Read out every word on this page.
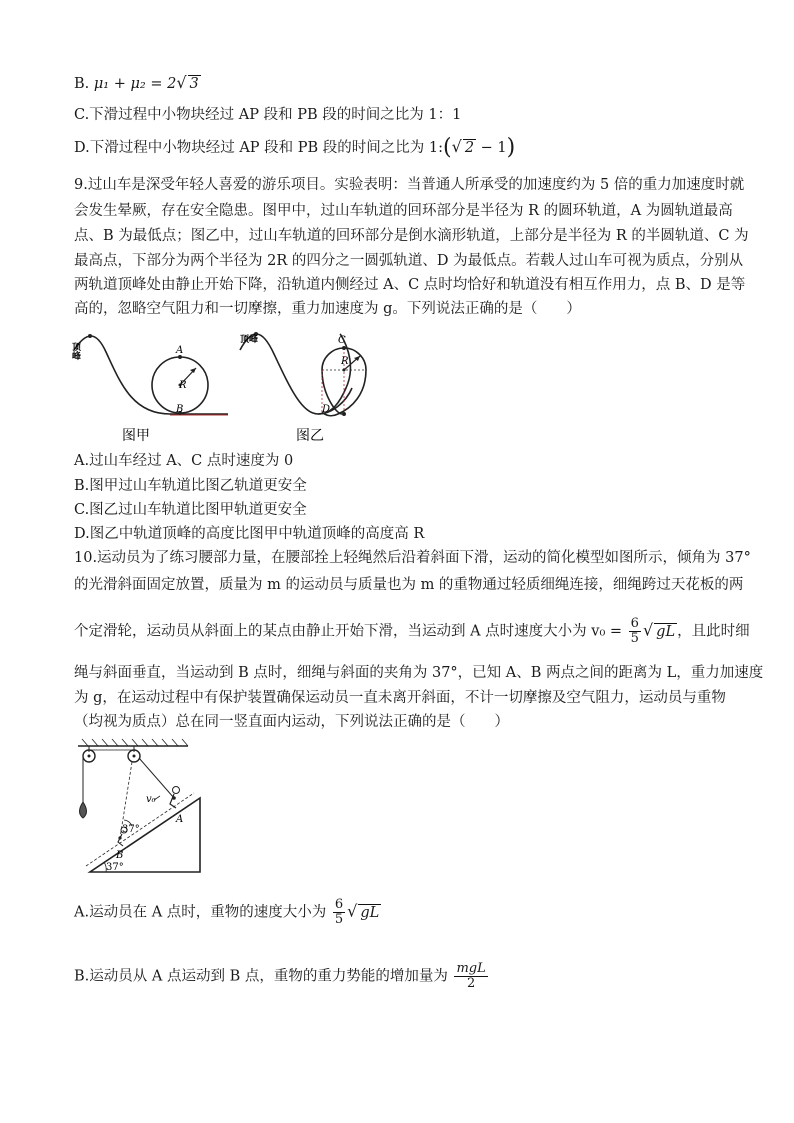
B. μ₁ + μ₂ = 2√ 3
C.下滑过程中小物块经过 AP 段和 PB 段的时间之比为 1：1
D.下滑过程中小物块经过 AP 段和 PB 段的时间之比为 1:(√ 2 − 1)
9.过山车是深受年轻人喜爱的游乐项目。实验表明：当普通人所承受的加速度约为 5 倍的重力加速度时就
会发生晕厥，存在安全隐患。图甲中，过山车轨道的回环部分是半径为 R 的圆环轨道，A 为圆轨道最高
点、B 为最低点；图乙中，过山车轨道的回环部分是倒水滴形轨道，上部分是半径为 R 的半圆轨道、C 为
最高点，下部分为两个半径为 2R 的四分之一圆弧轨道、D 为最低点。若载人过山车可视为质点，分别从
两轨道顶峰处由静止开始下降，沿轨道内侧经过 A、C 点时均恰好和轨道没有相互作用力，点 B、D 是等
高的，忽略空气阻力和一切摩擦，重力加速度为 g。下列说法正确的是（　　）
顶峰	A
R
B
图甲
顶峰	C
R
D
图乙
A.过山车经过 A、C 点时速度为 0
B.图甲过山车轨道比图乙轨道更安全
C.图乙过山车轨道比图甲轨道更安全
D.图乙中轨道顶峰的高度比图甲中轨道顶峰的高度高 R
10.运动员为了练习腰部力量，在腰部拴上轻绳然后沿着斜面下滑，运动的简化模型如图所示，倾角为 37°
的光滑斜面固定放置，质量为 m 的运动员与质量也为 m 的重物通过轻质细绳连接，细绳跨过天花板的两
个定滑轮，运动员从斜面上的某点由静止开始下滑，当运动到 A 点时速度大小为 $v_0 = \frac{6}{5}$ √ gL ，且此时细
绳与斜面垂直，当运动到 B 点时，细绳与斜面的夹角为 37°，已知 A、B 两点之间的距离为 L，重力加速度
为 g，在运动过程中有保护装置确保运动员一直未离开斜面，不计一切摩擦及空气阻力，运动员与重物
（均视为质点）总在同一竖直面内运动，下列说法正确的是（　　）
v₀
A
B
37°
37°
A.运动员在 A 点时，重物的速度大小为 $\frac{6}{5}$ √ gL
B.运动员从 A 点运动到 B 点，重物的重力势能的增加量为 $\frac{\text{mgL}}{2}$
